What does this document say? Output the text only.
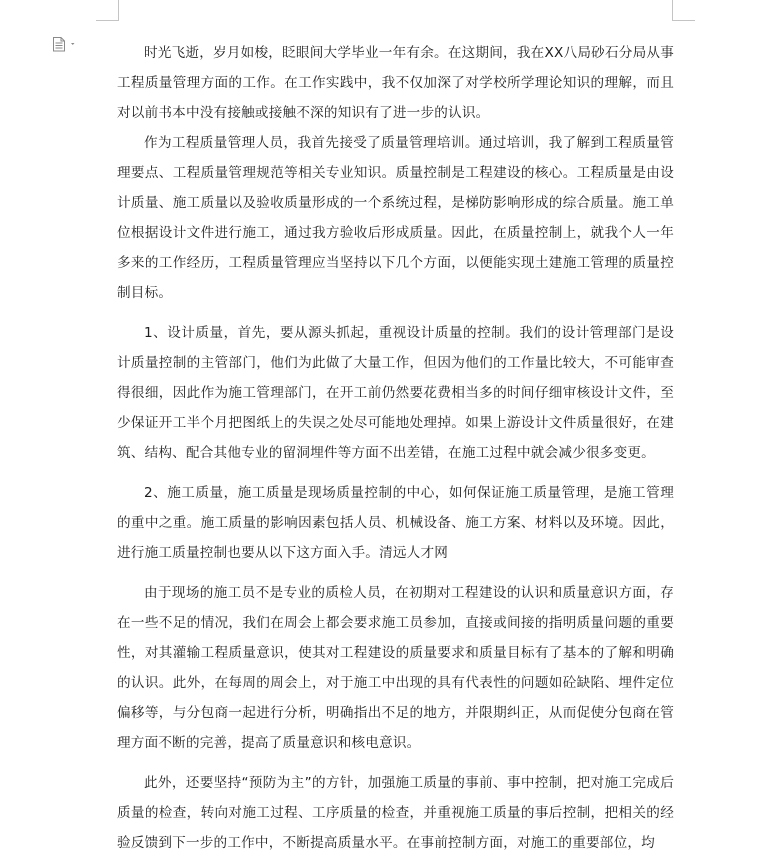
时光飞逝，岁月如梭，眨眼间大学毕业一年有余。在这期间，我在XX八局砂石分局从事工程质量管理方面的工作。在工作实践中，我不仅加深了对学校所学理论知识的理解，而且对以前书本中没有接触或接触不深的知识有了进一步的认识。

作为工程质量管理人员，我首先接受了质量管理培训。通过培训，我了解到工程质量管理要点、工程质量管理规范等相关专业知识。质量控制是工程建设的核心。工程质量是由设计质量、施工质量以及验收质量形成的一个系统过程，是梯防影响形成的综合质量。施工单位根据设计文件进行施工，通过我方验收后形成质量。因此，在质量控制上，就我个人一年多来的工作经历，工程质量管理应当坚持以下几个方面，以便能实现土建施工管理的质量控制目标。

1、设计质量，首先，要从源头抓起，重视设计质量的控制。我们的设计管理部门是设计质量控制的主管部门，他们为此做了大量工作，但因为他们的工作量比较大，不可能审查得很细，因此作为施工管理部门，在开工前仍然要花费相当多的时间仔细审核设计文件，至少保证开工半个月把图纸上的失误之处尽可能地处理掉。如果上游设计文件质量很好，在建筑、结构、配合其他专业的留洞埋件等方面不出差错，在施工过程中就会减少很多变更。

2、施工质量，施工质量是现场质量控制的中心，如何保证施工质量管理，是施工管理的重中之重。施工质量的影响因素包括人员、机械设备、施工方案、材料以及环境。因此，进行施工质量控制也要从以下这方面入手。清远人才网

由于现场的施工员不是专业的质检人员，在初期对工程建设的认识和质量意识方面，存在一些不足的情况，我们在周会上都会要求施工员参加，直接或间接的指明质量问题的重要性，对其灌输工程质量意识，使其对工程建设的质量要求和质量目标有了基本的了解和明确的认识。此外，在每周的周会上，对于施工中出现的具有代表性的问题如砼缺陷、埋件定位偏移等，与分包商一起进行分析，明确指出不足的地方，并限期纠正，从而促使分包商在管理方面不断的完善，提高了质量意识和核电意识。

此外，还要坚持“预防为主”的方针，加强施工质量的事前、事中控制，把对施工完成后质量的检查，转向对施工过程、工序质量的检查，并重视施工质量的事后控制，把相关的经验反馈到下一步的工作中，不断提高质量水平。在事前控制方面，对施工的重要部位，均
